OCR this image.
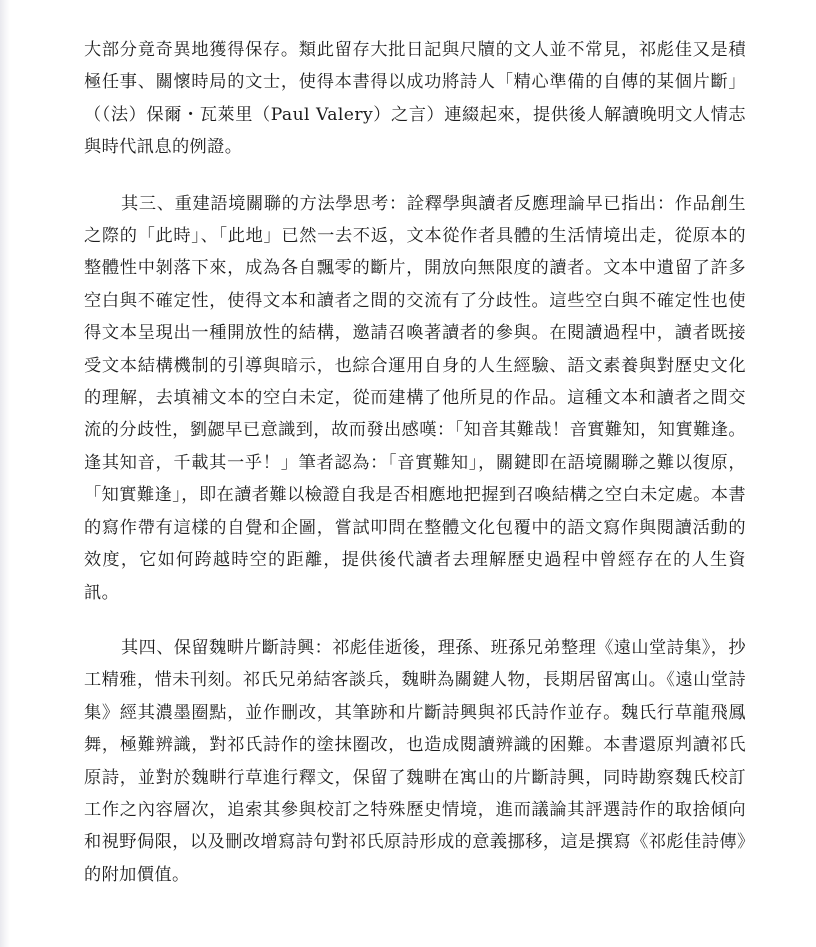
大部分竟奇異地獲得保存。類此留存大批日記與尺牘的文人並不常見，祁彪佳又是積極任事、關懷時局的文士，使得本書得以成功將詩人「精心準備的自傳的某個片斷」（（法）保爾・瓦萊里（Paul Valery）之言）連綴起來，提供後人解讀晚明文人情志與時代訊息的例證。

其三、重建語境關聯的方法學思考：詮釋學與讀者反應理論早已指出：作品創生之際的「此時」、「此地」已然一去不返，文本從作者具體的生活情境出走，從原本的整體性中剝落下來，成為各自飄零的斷片，開放向無限度的讀者。文本中遺留了許多空白與不確定性，使得文本和讀者之間的交流有了分歧性。這些空白與不確定性也使得文本呈現出一種開放性的結構，邀請召喚著讀者的參與。在閱讀過程中，讀者既接受文本結構機制的引導與暗示，也綜合運用自身的人生經驗、語文素養與對歷史文化的理解，去填補文本的空白未定，從而建構了他所見的作品。這種文本和讀者之間交流的分歧性，劉勰早已意識到，故而發出感嘆：「知音其難哉！音實難知，知實難逢。逢其知音，千載其一乎！」筆者認為：「音實難知」，關鍵即在語境關聯之難以復原，「知實難逢」，即在讀者難以檢證自我是否相應地把握到召喚結構之空白未定處。本書的寫作帶有這樣的自覺和企圖，嘗試叩問在整體文化包覆中的語文寫作與閱讀活動的效度，它如何跨越時空的距離，提供後代讀者去理解歷史過程中曾經存在的人生資訊。

其四、保留魏畊片斷詩興：祁彪佳逝後，理孫、班孫兄弟整理《遠山堂詩集》，抄工精雅，惜未刊刻。祁氏兄弟結客談兵，魏畊為關鍵人物，長期居留寓山。《遠山堂詩集》經其濃墨圈點，並作刪改，其筆跡和片斷詩興與祁氏詩作並存。魏氏行草龍飛鳳舞，極難辨識，對祁氏詩作的塗抹圈改，也造成閱讀辨識的困難。本書還原判讀祁氏原詩，並對於魏畊行草進行釋文，保留了魏畊在寓山的片斷詩興，同時勘察魏氏校訂工作之內容層次，追索其參與校訂之特殊歷史情境，進而議論其評選詩作的取捨傾向和視野侷限，以及刪改增寫詩句對祁氏原詩形成的意義挪移，這是撰寫《祁彪佳詩傳》的附加價值。
